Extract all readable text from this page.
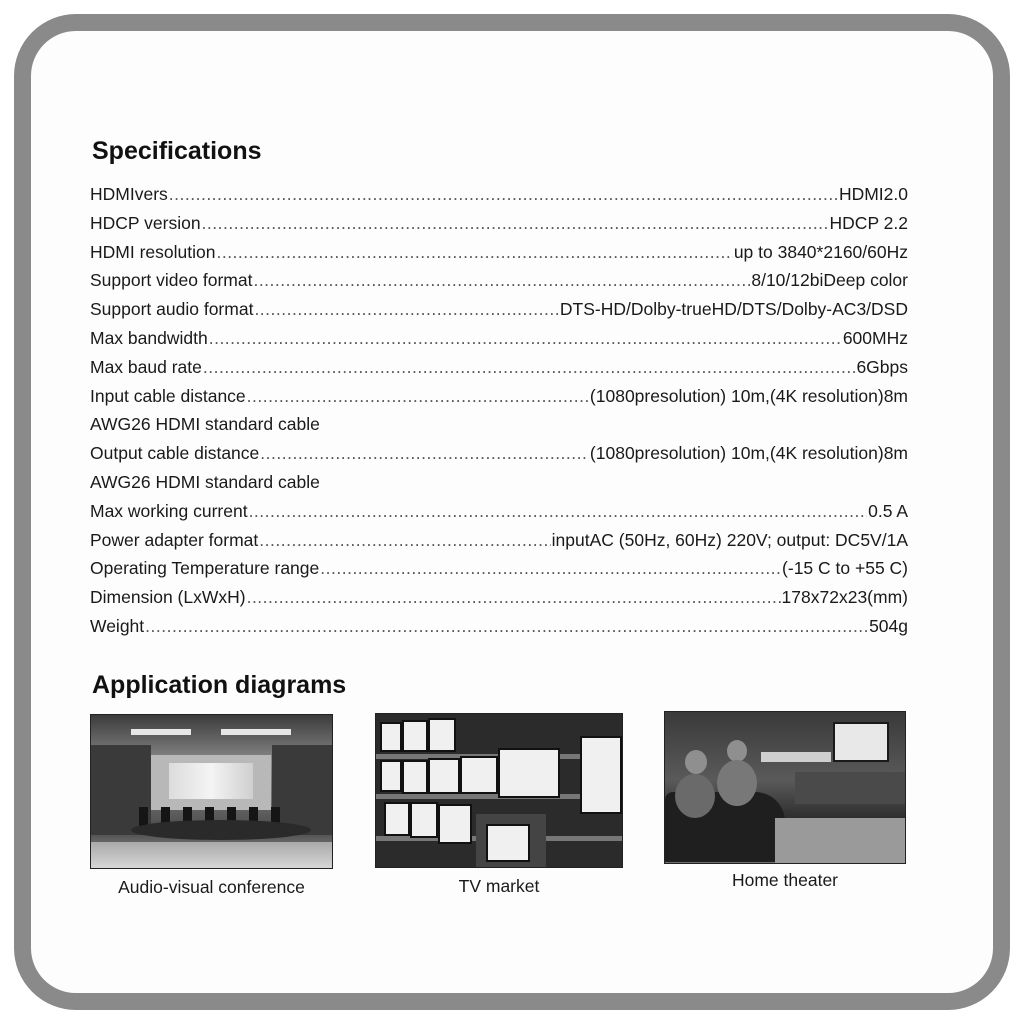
Specifications
HDMIvers .....	HDMI2.0
HDCP version .....	HDCP 2.2
HDMI resolution .....	up to 3840*2160/60Hz
Support video format .....	8/10/12biDeep color
Support audio format .....	DTS-HD/Dolby-trueHD/DTS/Dolby-AC3/DSD
Max bandwidth .....	600MHz
Max baud rate .....	6Gbps
Input cable distance .....	(1080presolution) 10m,(4K resolution)8m
AWG26 HDMI standard cable
Output cable distance .....	(1080presolution) 10m,(4K resolution)8m
AWG26 HDMI standard cable
Max working current .....	0.5 A
Power adapter format .....	inputAC (50Hz, 60Hz) 220V; output: DC5V/1A
Operating Temperature range .....	(-15 C to +55 C)
Dimension (LxWxH) .....	178x72x23(mm)
Weight .....	504g
Application diagrams
Audio-visual conference	TV market	Home theater
